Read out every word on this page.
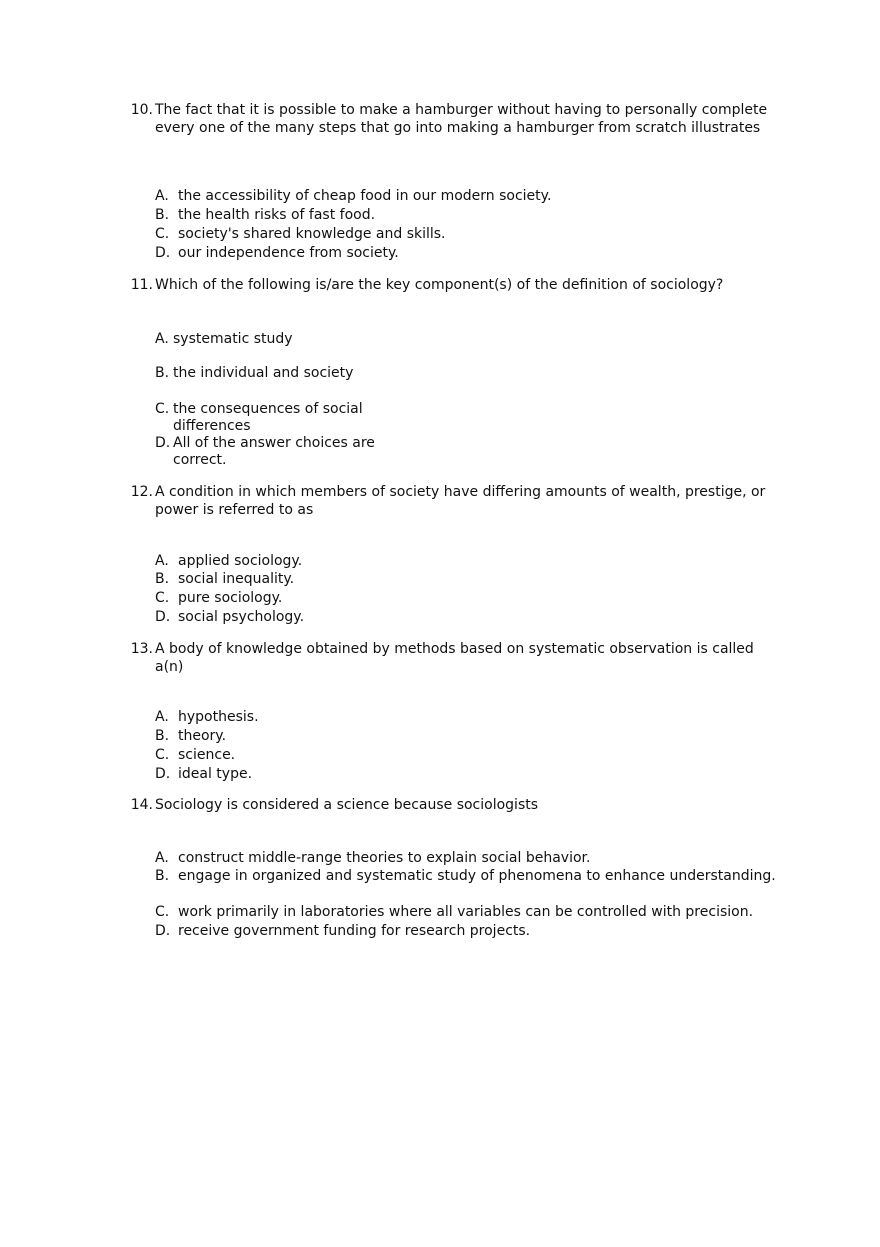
10. The fact that it is possible to make a hamburger without having to personally complete every one of the many steps that go into making a hamburger from scratch illustrates
A. the accessibility of cheap food in our modern society.
B. the health risks of fast food.
C. society's shared knowledge and skills.
D. our independence from society.
11. Which of the following is/are the key component(s) of the definition of sociology?
A. systematic study
B. the individual and society
C. the consequences of social differences
D. All of the answer choices are correct.
12. A condition in which members of society have differing amounts of wealth, prestige, or power is referred to as
A. applied sociology.
B. social inequality.
C. pure sociology.
D. social psychology.
13. A body of knowledge obtained by methods based on systematic observation is called a(n)
A. hypothesis.
B. theory.
C. science.
D. ideal type.
14. Sociology is considered a science because sociologists
A. construct middle-range theories to explain social behavior.
B. engage in organized and systematic study of phenomena to enhance understanding.
C. work primarily in laboratories where all variables can be controlled with precision.
D. receive government funding for research projects.
